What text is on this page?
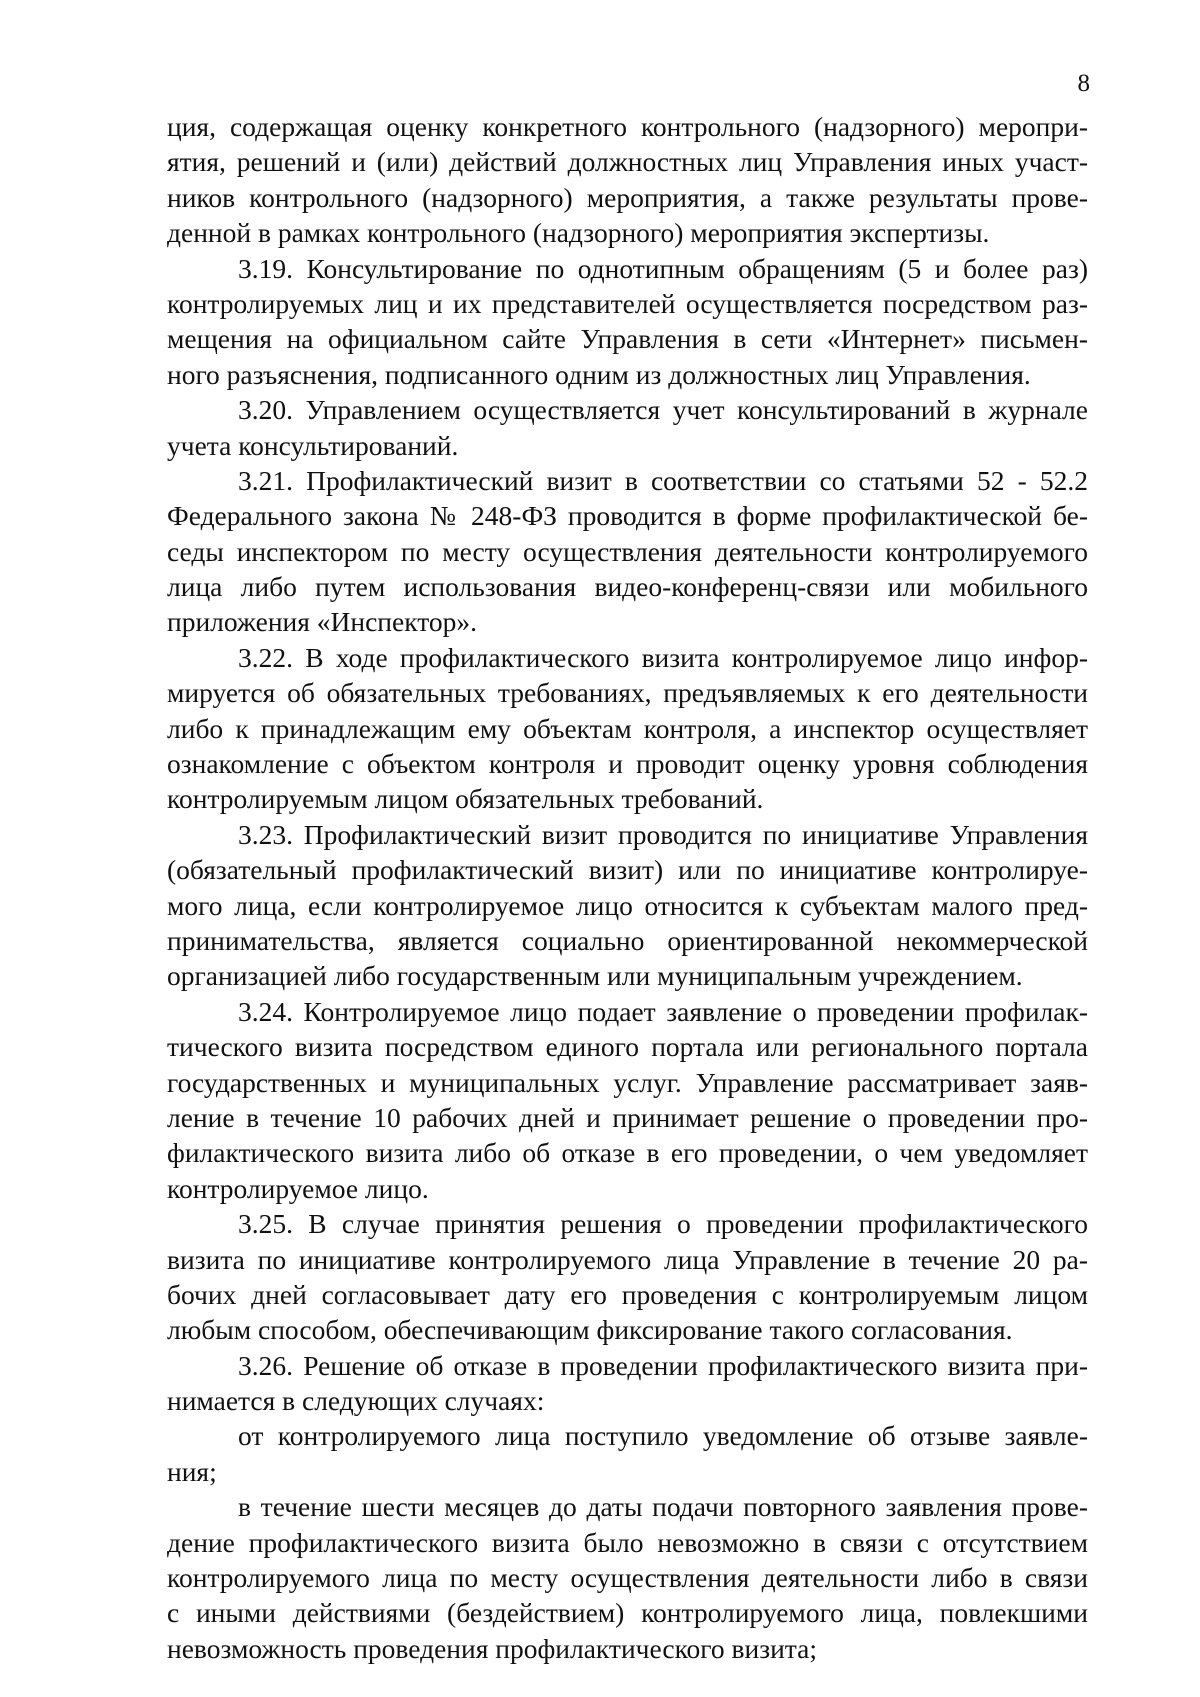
8
ция, содержащая оценку конкретного контрольного (надзорного) меропри-
ятия, решений и (или) действий должностных лиц Управления иных участ-
ников контрольного (надзорного) мероприятия, а также результаты прове-
денной в рамках контрольного (надзорного) мероприятия экспертизы.
3.19. Консультирование по однотипным обращениям (5 и более раз)
контролируемых лиц и их представителей осуществляется посредством раз-
мещения на официальном сайте Управления в сети «Интернет» письмен-
ного разъяснения, подписанного одним из должностных лиц Управления.
3.20. Управлением осуществляется учет консультирований в журнале
учета консультирований.
3.21. Профилактический визит в соответствии со статьями 52 - 52.2
Федерального закона № 248-ФЗ проводится в форме профилактической бе-
седы инспектором по месту осуществления деятельности контролируемого
лица либо путем использования видео-конференц-связи или мобильного
приложения «Инспектор».
3.22. В ходе профилактического визита контролируемое лицо инфор-
мируется об обязательных требованиях, предъявляемых к его деятельности
либо к принадлежащим ему объектам контроля, а инспектор осуществляет
ознакомление с объектом контроля и проводит оценку уровня соблюдения
контролируемым лицом обязательных требований.
3.23. Профилактический визит проводится по инициативе Управления
(обязательный профилактический визит) или по инициативе контролируе-
мого лица, если контролируемое лицо относится к субъектам малого пред-
принимательства, является социально ориентированной некоммерческой
организацией либо государственным или муниципальным учреждением.
3.24. Контролируемое лицо подает заявление о проведении профилак-
тического визита посредством единого портала или регионального портала
государственных и муниципальных услуг. Управление рассматривает заяв-
ление в течение 10 рабочих дней и принимает решение о проведении про-
филактического визита либо об отказе в его проведении, о чем уведомляет
контролируемое лицо.
3.25. В случае принятия решения о проведении профилактического
визита по инициативе контролируемого лица Управление в течение 20 ра-
бочих дней согласовывает дату его проведения с контролируемым лицом
любым способом, обеспечивающим фиксирование такого согласования.
3.26. Решение об отказе в проведении профилактического визита при-
нимается в следующих случаях:
от контролируемого лица поступило уведомление об отзыве заявле-
ния;
в течение шести месяцев до даты подачи повторного заявления прове-
дение профилактического визита было невозможно в связи с отсутствием
контролируемого лица по месту осуществления деятельности либо в связи
с иными действиями (бездействием) контролируемого лица, повлекшими
невозможность проведения профилактического визита;
